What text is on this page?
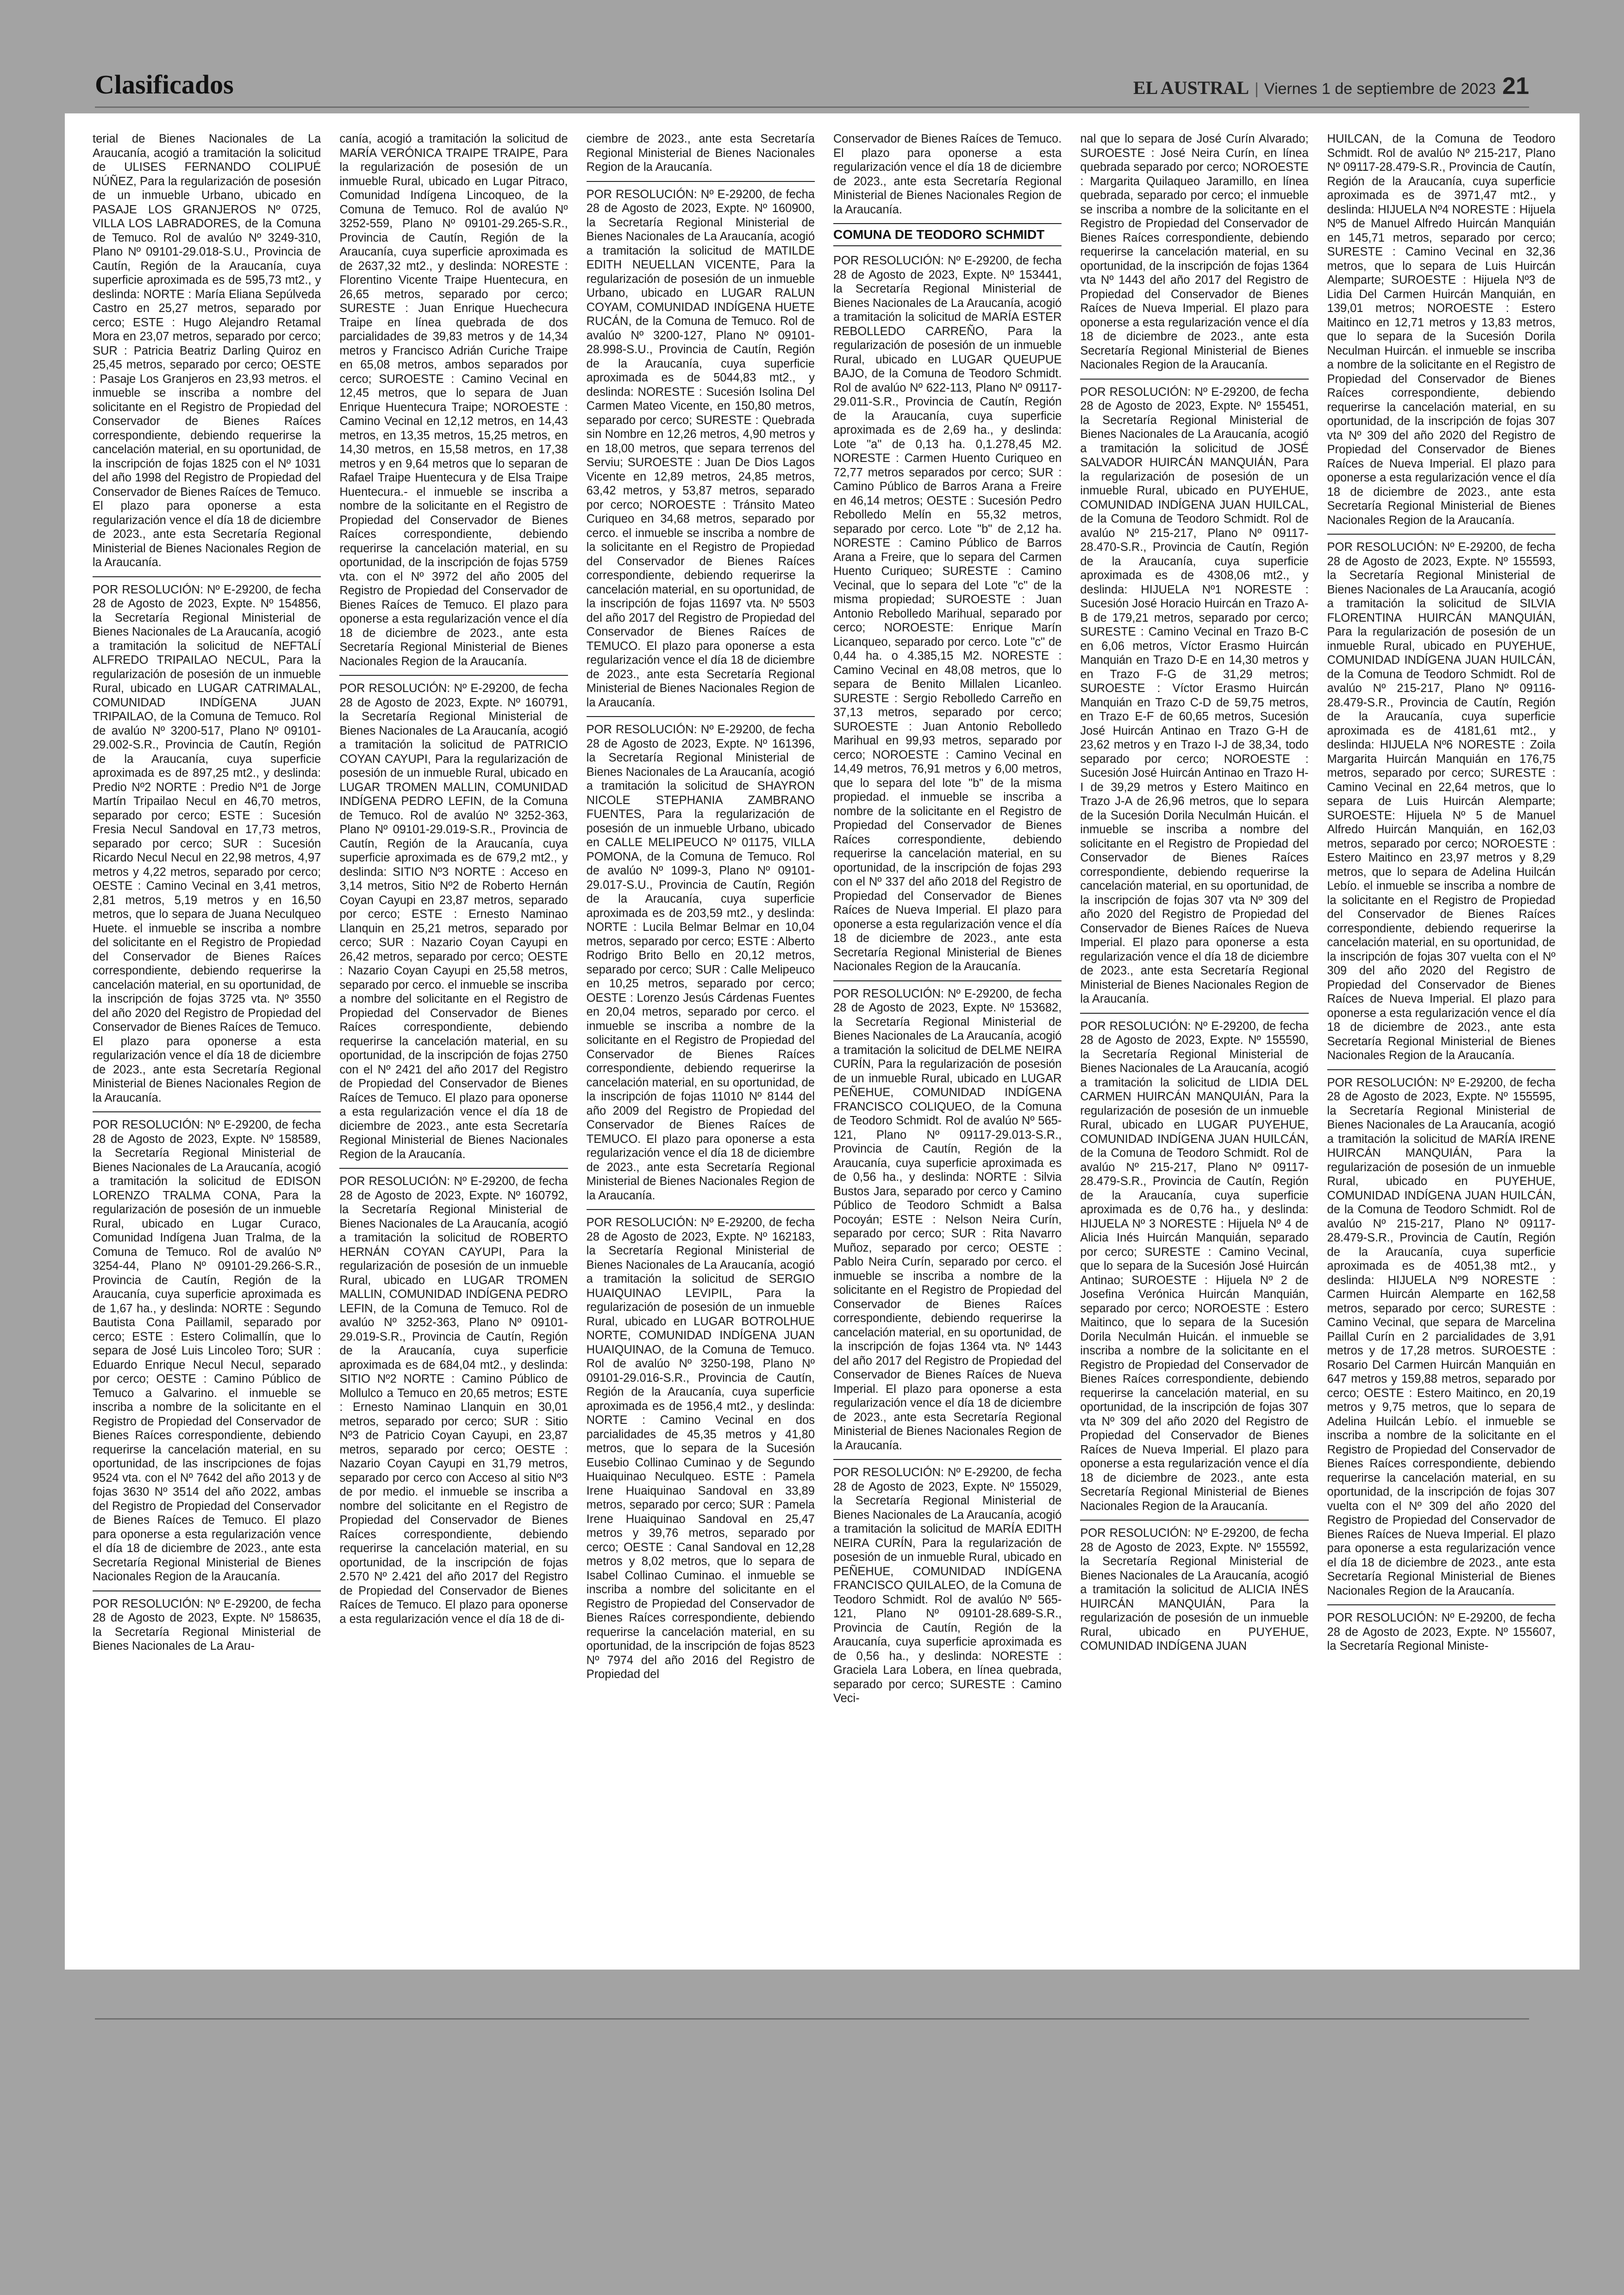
Clasificados	EL AUSTRAL | Viernes 1 de septiembre de 2023 21
terial de Bienes Nacionales de La Araucanía, acogió a tramitación la solicitud de ULISES FERNANDO COLIPUÉ NÚÑEZ, Para la regularización de posesión de un inmueble Urbano, ubicado en PASAJE LOS GRANJEROS Nº 0725, VILLA LOS LABRADORES, de la Comuna de Temuco. Rol de avalúo Nº 3249-310, Plano Nº 09101-29.018-S.U., Provincia de Cautín, Región de la Araucanía, cuya superficie aproximada es de 595,73 mt2., y deslinda: NORTE : María Eliana Sepúlveda Castro en 25,27 metros, separado por cerco; ESTE : Hugo Alejandro Retamal Mora en 23,07 metros, separado por cerco; SUR : Patricia Beatriz Darling Quiroz en 25,45 metros, separado por cerco; OESTE : Pasaje Los Granjeros en 23,93 metros. el inmueble se inscriba a nombre del solicitante en el Registro de Propiedad del Conservador de Bienes Raíces correspondiente, debiendo requerirse la cancelación material, en su oportunidad, de la inscripción de fojas 1825 con el Nº 1031 del año 1998 del Registro de Propiedad del Conservador de Bienes Raíces de Temuco. El plazo para oponerse a esta regularización vence el día 18 de diciembre de 2023., ante esta Secretaría Regional Ministerial de Bienes Nacionales Region de la Araucanía.
POR RESOLUCIÓN: Nº E-29200, de fecha 28 de Agosto de 2023, Expte. Nº 154856, la Secretaría Regional Ministerial de Bienes Nacionales de La Araucanía, acogió a tramitación la solicitud de NEFTALÍ ALFREDO TRIPAILAO NECUL, Para la regularización de posesión de un inmueble Rural, ubicado en LUGAR CATRIMALAL, COMUNIDAD INDÍGENA JUAN TRIPAILAO, de la Comuna de Temuco. Rol de avalúo Nº 3200-517, Plano Nº 09101-29.002-S.R., Provincia de Cautín, Región de la Araucanía, cuya superficie aproximada es de 897,25 mt2., y deslinda: Predio Nº2 NORTE : Predio Nº1 de Jorge Martín Tripailao Necul en 46,70 metros, separado por cerco; ESTE : Sucesión Fresia Necul Sandoval en 17,73 metros, separado por cerco; SUR : Sucesión Ricardo Necul Necul en 22,98 metros, 4,97 metros y 4,22 metros, separado por cerco; OESTE : Camino Vecinal en 3,41 metros, 2,81 metros, 5,19 metros y en 16,50 metros, que lo separa de Juana Neculqueo Huete. el inmueble se inscriba a nombre del solicitante en el Registro de Propiedad del Conservador de Bienes Raíces correspondiente, debiendo requerirse la cancelación material, en su oportunidad, de la inscripción de fojas 3725 vta. Nº 3550 del año 2020 del Registro de Propiedad del Conservador de Bienes Raíces de Temuco. El plazo para oponerse a esta regularización vence el día 18 de diciembre de 2023., ante esta Secretaría Regional Ministerial de Bienes Nacionales Region de la Araucanía.
POR RESOLUCIÓN: Nº E-29200, de fecha 28 de Agosto de 2023, Expte. Nº 158589, la Secretaría Regional Ministerial de Bienes Nacionales de La Araucanía, acogió a tramitación la solicitud de EDISON LORENZO TRALMA CONA, Para la regularización de posesión de un inmueble Rural, ubicado en Lugar Curaco, Comunidad Indígena Juan Tralma, de la Comuna de Temuco. Rol de avalúo Nº 3254-44, Plano Nº 09101-29.266-S.R., Provincia de Cautín, Región de la Araucanía, cuya superficie aproximada es de 1,67 ha., y deslinda: NORTE : Segundo Bautista Cona Paillamil, separado por cerco; ESTE : Estero Colimallín, que lo separa de José Luis Lincoleo Toro; SUR : Eduardo Enrique Necul Necul, separado por cerco; OESTE : Camino Público de Temuco a Galvarino. el inmueble se inscriba a nombre de la solicitante en el Registro de Propiedad del Conservador de Bienes Raíces correspondiente, debiendo requerirse la cancelación material, en su oportunidad, de las inscripciones de fojas 9524 vta. con el Nº 7642 del año 2013 y de fojas 3630 Nº 3514 del año 2022, ambas del Registro de Propiedad del Conservador de Bienes Raíces de Temuco. El plazo para oponerse a esta regularización vence el día 18 de diciembre de 2023., ante esta Secretaría Regional Ministerial de Bienes Nacionales Region de la Araucanía.
POR RESOLUCIÓN: Nº E-29200, de fecha 28 de Agosto de 2023, Expte. Nº 158635, la Secretaría Regional Ministerial de Bienes Nacionales de La Arau-
canía, acogió a tramitación la solicitud de MARÍA VERÓNICA TRAIPE TRAIPE, Para la regularización de posesión de un inmueble Rural, ubicado en Lugar Pitraco, Comunidad Indígena Lincoqueo, de la Comuna de Temuco. Rol de avalúo Nº 3252-559, Plano Nº 09101-29.265-S.R., Provincia de Cautín, Región de la Araucanía, cuya superficie aproximada es de 2637,32 mt2., y deslinda: NORESTE : Florentino Vicente Traipe Huentecura, en 26,65 metros, separado por cerco; SURESTE : Juan Enrique Huechecura Traipe en línea quebrada de dos parcialidades de 39,83 metros y de 14,34 metros y Francisco Adrián Curiche Traipe en 65,08 metros, ambos separados por cerco; SUROESTE : Camino Vecinal en 12,45 metros, que lo separa de Juan Enrique Huentecura Traipe; NOROESTE : Camino Vecinal en 12,12 metros, en 14,43 metros, en 13,35 metros, 15,25 metros, en 14,30 metros, en 15,58 metros, en 17,38 metros y en 9,64 metros que lo separan de Rafael Traipe Huentecura y de Elsa Traipe Huentecura.- el inmueble se inscriba a nombre de la solicitante en el Registro de Propiedad del Conservador de Bienes Raíces correspondiente, debiendo requerirse la cancelación material, en su oportunidad, de la inscripción de fojas 5759 vta. con el Nº 3972 del año 2005 del Registro de Propiedad del Conservador de Bienes Raíces de Temuco. El plazo para oponerse a esta regularización vence el día 18 de diciembre de 2023., ante esta Secretaría Regional Ministerial de Bienes Nacionales Region de la Araucanía.
POR RESOLUCIÓN: Nº E-29200, de fecha 28 de Agosto de 2023, Expte. Nº 160791, la Secretaría Regional Ministerial de Bienes Nacionales de La Araucanía, acogió a tramitación la solicitud de PATRICIO COYAN CAYUPI, Para la regularización de posesión de un inmueble Rural, ubicado en LUGAR TROMEN MALLIN, COMUNIDAD INDÍGENA PEDRO LEFIN, de la Comuna de Temuco. Rol de avalúo Nº 3252-363, Plano Nº 09101-29.019-S.R., Provincia de Cautín, Región de la Araucanía, cuya superficie aproximada es de 679,2 mt2., y deslinda: SITIO Nº3 NORTE : Acceso en 3,14 metros, Sitio Nº2 de Roberto Hernán Coyan Cayupi en 23,87 metros, separado por cerco; ESTE : Ernesto Naminao Llanquin en 25,21 metros, separado por cerco; SUR : Nazario Coyan Cayupi en 26,42 metros, separado por cerco; OESTE : Nazario Coyan Cayupi en 25,58 metros, separado por cerco. el inmueble se inscriba a nombre del solicitante en el Registro de Propiedad del Conservador de Bienes Raíces correspondiente, debiendo requerirse la cancelación material, en su oportunidad, de la inscripción de fojas 2750 con el Nº 2421 del año 2017 del Registro de Propiedad del Conservador de Bienes Raíces de Temuco. El plazo para oponerse a esta regularización vence el día 18 de diciembre de 2023., ante esta Secretaría Regional Ministerial de Bienes Nacionales Region de la Araucanía.
POR RESOLUCIÓN: Nº E-29200, de fecha 28 de Agosto de 2023, Expte. Nº 160792, la Secretaría Regional Ministerial de Bienes Nacionales de La Araucanía, acogió a tramitación la solicitud de ROBERTO HERNÁN COYAN CAYUPI, Para la regularización de posesión de un inmueble Rural, ubicado en LUGAR TROMEN MALLIN, COMUNIDAD INDÍGENA PEDRO LEFIN, de la Comuna de Temuco. Rol de avalúo Nº 3252-363, Plano Nº 09101-29.019-S.R., Provincia de Cautín, Región de la Araucanía, cuya superficie aproximada es de 684,04 mt2., y deslinda: SITIO Nº2 NORTE : Camino Público de Mollulco a Temuco en 20,65 metros; ESTE : Ernesto Naminao Llanquin en 30,01 metros, separado por cerco; SUR : Sitio Nº3 de Patricio Coyan Cayupi, en 23,87 metros, separado por cerco; OESTE : Nazario Coyan Cayupi en 31,79 metros, separado por cerco con Acceso al sitio Nº3 de por medio. el inmueble se inscriba a nombre del solicitante en el Registro de Propiedad del Conservador de Bienes Raíces correspondiente, debiendo requerirse la cancelación material, en su oportunidad, de la inscripción de fojas 2.570 Nº 2.421 del año 2017 del Registro de Propiedad del Conservador de Bienes Raíces de Temuco. El plazo para oponerse a esta regularización vence el día 18 de di-
ciembre de 2023., ante esta Secretaría Regional Ministerial de Bienes Nacionales Region de la Araucanía.
POR RESOLUCIÓN: Nº E-29200, de fecha 28 de Agosto de 2023, Expte. Nº 160900, la Secretaría Regional Ministerial de Bienes Nacionales de La Araucanía, acogió a tramitación la solicitud de MATILDE EDITH NEUELLAN VICENTE, Para la regularización de posesión de un inmueble Urbano, ubicado en LUGAR RALUN COYAM, COMUNIDAD INDÍGENA HUETE RUCÁN, de la Comuna de Temuco. Rol de avalúo Nº 3200-127, Plano Nº 09101-28.998-S.U., Provincia de Cautín, Región de la Araucanía, cuya superficie aproximada es de 5044,83 mt2., y deslinda: NORESTE : Sucesión Isolina Del Carmen Mateo Vicente, en 150,80 metros, separado por cerco; SURESTE : Quebrada sin Nombre en 12,26 metros, 4,90 metros y en 18,00 metros, que separa terrenos del Serviu; SUROESTE : Juan De Dios Lagos Vicente en 12,89 metros, 24,85 metros, 63,42 metros, y 53,87 metros, separado por cerco; NOROESTE : Tránsito Mateo Curiqueo en 34,68 metros, separado por cerco. el inmueble se inscriba a nombre de la solicitante en el Registro de Propiedad del Conservador de Bienes Raíces correspondiente, debiendo requerirse la cancelación material, en su oportunidad, de la inscripción de fojas 11697 vta. Nº 5503 del año 2017 del Registro de Propiedad del Conservador de Bienes Raíces de TEMUCO. El plazo para oponerse a esta regularización vence el día 18 de diciembre de 2023., ante esta Secretaría Regional Ministerial de Bienes Nacionales Region de la Araucanía.
POR RESOLUCIÓN: Nº E-29200, de fecha 28 de Agosto de 2023, Expte. Nº 161396, la Secretaría Regional Ministerial de Bienes Nacionales de La Araucanía, acogió a tramitación la solicitud de SHAYRON NICOLE STEPHANIA ZAMBRANO FUENTES, Para la regularización de posesión de un inmueble Urbano, ubicado en CALLE MELIPEUCO Nº 01175, VILLA POMONA, de la Comuna de Temuco. Rol de avalúo Nº 1099-3, Plano Nº 09101-29.017-S.U., Provincia de Cautín, Región de la Araucanía, cuya superficie aproximada es de 203,59 mt2., y deslinda: NORTE : Lucila Belmar Belmar en 10,04 metros, separado por cerco; ESTE : Alberto Rodrigo Brito Bello en 20,12 metros, separado por cerco; SUR : Calle Melipeuco en 10,25 metros, separado por cerco; OESTE : Lorenzo Jesús Cárdenas Fuentes en 20,04 metros, separado por cerco. el inmueble se inscriba a nombre de la solicitante en el Registro de Propiedad del Conservador de Bienes Raíces correspondiente, debiendo requerirse la cancelación material, en su oportunidad, de la inscripción de fojas 11010 Nº 8144 del año 2009 del Registro de Propiedad del Conservador de Bienes Raíces de TEMUCO. El plazo para oponerse a esta regularización vence el día 18 de diciembre de 2023., ante esta Secretaría Regional Ministerial de Bienes Nacionales Region de la Araucanía.
POR RESOLUCIÓN: Nº E-29200, de fecha 28 de Agosto de 2023, Expte. Nº 162183, la Secretaría Regional Ministerial de Bienes Nacionales de La Araucanía, acogió a tramitación la solicitud de SERGIO HUAIQUINAO LEVIPIL, Para la regularización de posesión de un inmueble Rural, ubicado en LUGAR BOTROLHUE NORTE, COMUNIDAD INDÍGENA JUAN HUAIQUINAO, de la Comuna de Temuco. Rol de avalúo Nº 3250-198, Plano Nº 09101-29.016-S.R., Provincia de Cautín, Región de la Araucanía, cuya superficie aproximada es de 1956,4 mt2., y deslinda: NORTE : Camino Vecinal en dos parcialidades de 45,35 metros y 41,80 metros, que lo separa de la Sucesión Eusebio Collinao Cuminao y de Segundo Huaiquinao Neculqueo. ESTE : Pamela Irene Huaiquinao Sandoval en 33,89 metros, separado por cerco; SUR : Pamela Irene Huaiquinao Sandoval en 25,47 metros y 39,76 metros, separado por cerco; OESTE : Canal Sandoval en 12,28 metros y 8,02 metros, que lo separa de Isabel Collinao Cuminao. el inmueble se inscriba a nombre del solicitante en el Registro de Propiedad del Conservador de Bienes Raíces correspondiente, debiendo requerirse la cancelación material, en su oportunidad, de la inscripción de fojas 8523 Nº 7974 del año 2016 del Registro de Propiedad del
Conservador de Bienes Raíces de Temuco. El plazo para oponerse a esta regularización vence el día 18 de diciembre de 2023., ante esta Secretaría Regional Ministerial de Bienes Nacionales Region de la Araucanía.
COMUNA DE TEODORO SCHMIDT
POR RESOLUCIÓN: Nº E-29200, de fecha 28 de Agosto de 2023, Expte. Nº 153441, la Secretaría Regional Ministerial de Bienes Nacionales de La Araucanía, acogió a tramitación la solicitud de MARÍA ESTER REBOLLEDO CARREÑO, Para la regularización de posesión de un inmueble Rural, ubicado en LUGAR QUEUPUE BAJO, de la Comuna de Teodoro Schmidt. Rol de avalúo Nº 622-113, Plano Nº 09117-29.011-S.R., Provincia de Cautín, Región de la Araucanía, cuya superficie aproximada es de 2,69 ha., y deslinda: Lote "a" de 0,13 ha. 0,1.278,45 M2. NORESTE : Carmen Huento Curiqueo en 72,77 metros separados por cerco; SUR : Camino Público de Barros Arana a Freire en 46,14 metros; OESTE : Sucesión Pedro Rebolledo Melín en 55,32 metros, separado por cerco. Lote "b" de 2,12 ha. NORESTE : Camino Público de Barros Arana a Freire, que lo separa del Carmen Huento Curiqueo; SURESTE : Camino Vecinal, que lo separa del Lote "c" de la misma propiedad; SUROESTE : Juan Antonio Rebolledo Marihual, separado por cerco; NOROESTE: Enrique Marín Licanqueo, separado por cerco. Lote "c" de 0,44 ha. o 4.385,15 M2. NORESTE : Camino Vecinal en 48,08 metros, que lo separa de Benito Millalen Licanleo. SURESTE : Sergio Rebolledo Carreño en 37,13 metros, separado por cerco; SUROESTE : Juan Antonio Rebolledo Marihual en 99,93 metros, separado por cerco; NOROESTE : Camino Vecinal en 14,49 metros, 76,91 metros y 6,00 metros, que lo separa del lote "b" de la misma propiedad. el inmueble se inscriba a nombre de la solicitante en el Registro de Propiedad del Conservador de Bienes Raíces correspondiente, debiendo requerirse la cancelación material, en su oportunidad, de la inscripción de fojas 293 con el Nº 337 del año 2018 del Registro de Propiedad del Conservador de Bienes Raíces de Nueva Imperial. El plazo para oponerse a esta regularización vence el día 18 de diciembre de 2023., ante esta Secretaría Regional Ministerial de Bienes Nacionales Region de la Araucanía.
POR RESOLUCIÓN: Nº E-29200, de fecha 28 de Agosto de 2023, Expte. Nº 153682, la Secretaría Regional Ministerial de Bienes Nacionales de La Araucanía, acogió a tramitación la solicitud de DELME NEIRA CURÍN, Para la regularización de posesión de un inmueble Rural, ubicado en LUGAR PEÑEHUE, COMUNIDAD INDÍGENA FRANCISCO COLIQUEO, de la Comuna de Teodoro Schmidt. Rol de avalúo Nº 565-121, Plano Nº 09117-29.013-S.R., Provincia de Cautín, Región de la Araucanía, cuya superficie aproximada es de 0,56 ha., y deslinda: NORTE : Silvia Bustos Jara, separado por cerco y Camino Público de Teodoro Schmidt a Balsa Pocoyán; ESTE : Nelson Neira Curín, separado por cerco; SUR : Rita Navarro Muñoz, separado por cerco; OESTE : Pablo Neira Curín, separado por cerco. el inmueble se inscriba a nombre de la solicitante en el Registro de Propiedad del Conservador de Bienes Raíces correspondiente, debiendo requerirse la cancelación material, en su oportunidad, de la inscripción de fojas 1364 vta. Nº 1443 del año 2017 del Registro de Propiedad del Conservador de Bienes Raíces de Nueva Imperial. El plazo para oponerse a esta regularización vence el día 18 de diciembre de 2023., ante esta Secretaría Regional Ministerial de Bienes Nacionales Region de la Araucanía.
POR RESOLUCIÓN: Nº E-29200, de fecha 28 de Agosto de 2023, Expte. Nº 155029, la Secretaría Regional Ministerial de Bienes Nacionales de La Araucanía, acogió a tramitación la solicitud de MARÍA EDITH NEIRA CURÍN, Para la regularización de posesión de un inmueble Rural, ubicado en PEÑEHUE, COMUNIDAD INDÍGENA FRANCISCO QUILALEO, de la Comuna de Teodoro Schmidt. Rol de avalúo Nº 565-121, Plano Nº 09101-28.689-S.R., Provincia de Cautín, Región de la Araucanía, cuya superficie aproximada es de 0,56 ha., y deslinda: NORESTE : Graciela Lara Lobera, en línea quebrada, separado por cerco; SURESTE : Camino Veci-
nal que lo separa de José Curín Alvarado; SUROESTE : José Neira Curín, en línea quebrada separado por cerco; NOROESTE : Margarita Quilaqueo Jaramillo, en línea quebrada, separado por cerco; el inmueble se inscriba a nombre de la solicitante en el Registro de Propiedad del Conservador de Bienes Raíces correspondiente, debiendo requerirse la cancelación material, en su oportunidad, de la inscripción de fojas 1364 vta Nº 1443 del año 2017 del Registro de Propiedad del Conservador de Bienes Raíces de Nueva Imperial. El plazo para oponerse a esta regularización vence el día 18 de diciembre de 2023., ante esta Secretaría Regional Ministerial de Bienes Nacionales Region de la Araucanía.
POR RESOLUCIÓN: Nº E-29200, de fecha 28 de Agosto de 2023, Expte. Nº 155451, la Secretaría Regional Ministerial de Bienes Nacionales de La Araucanía, acogió a tramitación la solicitud de JOSÉ SALVADOR HUIRCÁN MANQUIÁN, Para la regularización de posesión de un inmueble Rural, ubicado en PUYEHUE, COMUNIDAD INDÍGENA JUAN HUILCAL, de la Comuna de Teodoro Schmidt. Rol de avalúo Nº 215-217, Plano Nº 09117-28.470-S.R., Provincia de Cautín, Región de la Araucanía, cuya superficie aproximada es de 4308,06 mt2., y deslinda: HIJUELA Nº1 NORESTE : Sucesión José Horacio Huircán en Trazo A-B de 179,21 metros, separado por cerco; SURESTE : Camino Vecinal en Trazo B-C en 6,06 metros, Víctor Erasmo Huircán Manquián en Trazo D-E en 14,30 metros y en Trazo F-G de 31,29 metros; SUROESTE : Víctor Erasmo Huircán Manquián en Trazo C-D de 59,75 metros, en Trazo E-F de 60,65 metros, Sucesión José Huircán Antinao en Trazo G-H de 23,62 metros y en Trazo I-J de 38,34, todo separado por cerco; NOROESTE : Sucesión José Huircán Antinao en Trazo H-I de 39,29 metros y Estero Maitinco en Trazo J-A de 26,96 metros, que lo separa de la Sucesión Dorila Neculmán Huicán. el inmueble se inscriba a nombre del solicitante en el Registro de Propiedad del Conservador de Bienes Raíces correspondiente, debiendo requerirse la cancelación material, en su oportunidad, de la inscripción de fojas 307 vta Nº 309 del año 2020 del Registro de Propiedad del Conservador de Bienes Raíces de Nueva Imperial. El plazo para oponerse a esta regularización vence el día 18 de diciembre de 2023., ante esta Secretaría Regional Ministerial de Bienes Nacionales Region de la Araucanía.
POR RESOLUCIÓN: Nº E-29200, de fecha 28 de Agosto de 2023, Expte. Nº 155590, la Secretaría Regional Ministerial de Bienes Nacionales de La Araucanía, acogió a tramitación la solicitud de LIDIA DEL CARMEN HUIRCÁN MANQUIÁN, Para la regularización de posesión de un inmueble Rural, ubicado en LUGAR PUYEHUE, COMUNIDAD INDÍGENA JUAN HUILCÁN, de la Comuna de Teodoro Schmidt. Rol de avalúo Nº 215-217, Plano Nº 09117-28.479-S.R., Provincia de Cautín, Región de la Araucanía, cuya superficie aproximada es de 0,76 ha., y deslinda: HIJUELA Nº 3 NORESTE : Hijuela Nº 4 de Alicia Inés Huircán Manquián, separado por cerco; SURESTE : Camino Vecinal, que lo separa de la Sucesión José Huircán Antinao; SUROESTE : Hijuela Nº 2 de Josefina Verónica Huircán Manquián, separado por cerco; NOROESTE : Estero Maitinco, que lo separa de la Sucesión Dorila Neculmán Huicán. el inmueble se inscriba a nombre de la solicitante en el Registro de Propiedad del Conservador de Bienes Raíces correspondiente, debiendo requerirse la cancelación material, en su oportunidad, de la inscripción de fojas 307 vta Nº 309 del año 2020 del Registro de Propiedad del Conservador de Bienes Raíces de Nueva Imperial. El plazo para oponerse a esta regularización vence el día 18 de diciembre de 2023., ante esta Secretaría Regional Ministerial de Bienes Nacionales Region de la Araucanía.
POR RESOLUCIÓN: Nº E-29200, de fecha 28 de Agosto de 2023, Expte. Nº 155592, la Secretaría Regional Ministerial de Bienes Nacionales de La Araucanía, acogió a tramitación la solicitud de ALICIA INÉS HUIRCÁN MANQUIÁN, Para la regularización de posesión de un inmueble Rural, ubicado en PUYEHUE, COMUNIDAD INDÍGENA JUAN
HUILCAN, de la Comuna de Teodoro Schmidt. Rol de avalúo Nº 215-217, Plano Nº 09117-28.479-S.R., Provincia de Cautín, Región de la Araucanía, cuya superficie aproximada es de 3971,47 mt2., y deslinda: HIJUELA Nº4 NORESTE : Hijuela Nº5 de Manuel Alfredo Huircán Manquián en 145,71 metros, separado por cerco; SURESTE : Camino Vecinal en 32,36 metros, que lo separa de Luis Huircán Alemparte; SUROESTE : Hijuela Nº3 de Lidia Del Carmen Huircán Manquián, en 139,01 metros; NOROESTE : Estero Maitinco en 12,71 metros y 13,83 metros, que lo separa de la Sucesión Dorila Neculman Huircán. el inmueble se inscriba a nombre de la solicitante en el Registro de Propiedad del Conservador de Bienes Raíces correspondiente, debiendo requerirse la cancelación material, en su oportunidad, de la inscripción de fojas 307 vta Nº 309 del año 2020 del Registro de Propiedad del Conservador de Bienes Raíces de Nueva Imperial. El plazo para oponerse a esta regularización vence el día 18 de diciembre de 2023., ante esta Secretaría Regional Ministerial de Bienes Nacionales Region de la Araucanía.
POR RESOLUCIÓN: Nº E-29200, de fecha 28 de Agosto de 2023, Expte. Nº 155593, la Secretaría Regional Ministerial de Bienes Nacionales de La Araucanía, acogió a tramitación la solicitud de SILVIA FLORENTINA HUIRCÁN MANQUIÁN, Para la regularización de posesión de un inmueble Rural, ubicado en PUYEHUE, COMUNIDAD INDÍGENA JUAN HUILCÁN, de la Comuna de Teodoro Schmidt. Rol de avalúo Nº 215-217, Plano Nº 09116-28.479-S.R., Provincia de Cautín, Región de la Araucanía, cuya superficie aproximada es de 4181,61 mt2., y deslinda: HIJUELA Nº6 NORESTE : Zoila Margarita Huircán Manquián en 176,75 metros, separado por cerco; SURESTE : Camino Vecinal en 22,64 metros, que lo separa de Luis Huircán Alemparte; SUROESTE: Hijuela Nº 5 de Manuel Alfredo Huircán Manquián, en 162,03 metros, separado por cerco; NOROESTE : Estero Maitinco en 23,97 metros y 8,29 metros, que lo separa de Adelina Huilcán Lebío. el inmueble se inscriba a nombre de la solicitante en el Registro de Propiedad del Conservador de Bienes Raíces correspondiente, debiendo requerirse la cancelación material, en su oportunidad, de la inscripción de fojas 307 vuelta con el Nº 309 del año 2020 del Registro de Propiedad del Conservador de Bienes Raíces de Nueva Imperial. El plazo para oponerse a esta regularización vence el día 18 de diciembre de 2023., ante esta Secretaría Regional Ministerial de Bienes Nacionales Region de la Araucanía.
POR RESOLUCIÓN: Nº E-29200, de fecha 28 de Agosto de 2023, Expte. Nº 155595, la Secretaría Regional Ministerial de Bienes Nacionales de La Araucanía, acogió a tramitación la solicitud de MARÍA IRENE HUIRCÁN MANQUIÁN, Para la regularización de posesión de un inmueble Rural, ubicado en PUYEHUE, COMUNIDAD INDÍGENA JUAN HUILCÁN, de la Comuna de Teodoro Schmidt. Rol de avalúo Nº 215-217, Plano Nº 09117-28.479-S.R., Provincia de Cautín, Región de la Araucanía, cuya superficie aproximada es de 4051,38 mt2., y deslinda: HIJUELA Nº9 NORESTE : Carmen Huircán Alemparte en 162,58 metros, separado por cerco; SURESTE : Camino Vecinal, que separa de Marcelina Paillal Curín en 2 parcialidades de 3,91 metros y de 17,28 metros. SUROESTE : Rosario Del Carmen Huircán Manquián en 647 metros y 159,88 metros, separado por cerco; OESTE : Estero Maitinco, en 20,19 metros y 9,75 metros, que lo separa de Adelina Huilcán Lebío. el inmueble se inscriba a nombre de la solicitante en el Registro de Propiedad del Conservador de Bienes Raíces correspondiente, debiendo requerirse la cancelación material, en su oportunidad, de la inscripción de fojas 307 vuelta con el Nº 309 del año 2020 del Registro de Propiedad del Conservador de Bienes Raíces de Nueva Imperial. El plazo para oponerse a esta regularización vence el día 18 de diciembre de 2023., ante esta Secretaría Regional Ministerial de Bienes Nacionales Region de la Araucanía.
POR RESOLUCIÓN: Nº E-29200, de fecha 28 de Agosto de 2023, Expte. Nº 155607, la Secretaría Regional Ministe-
